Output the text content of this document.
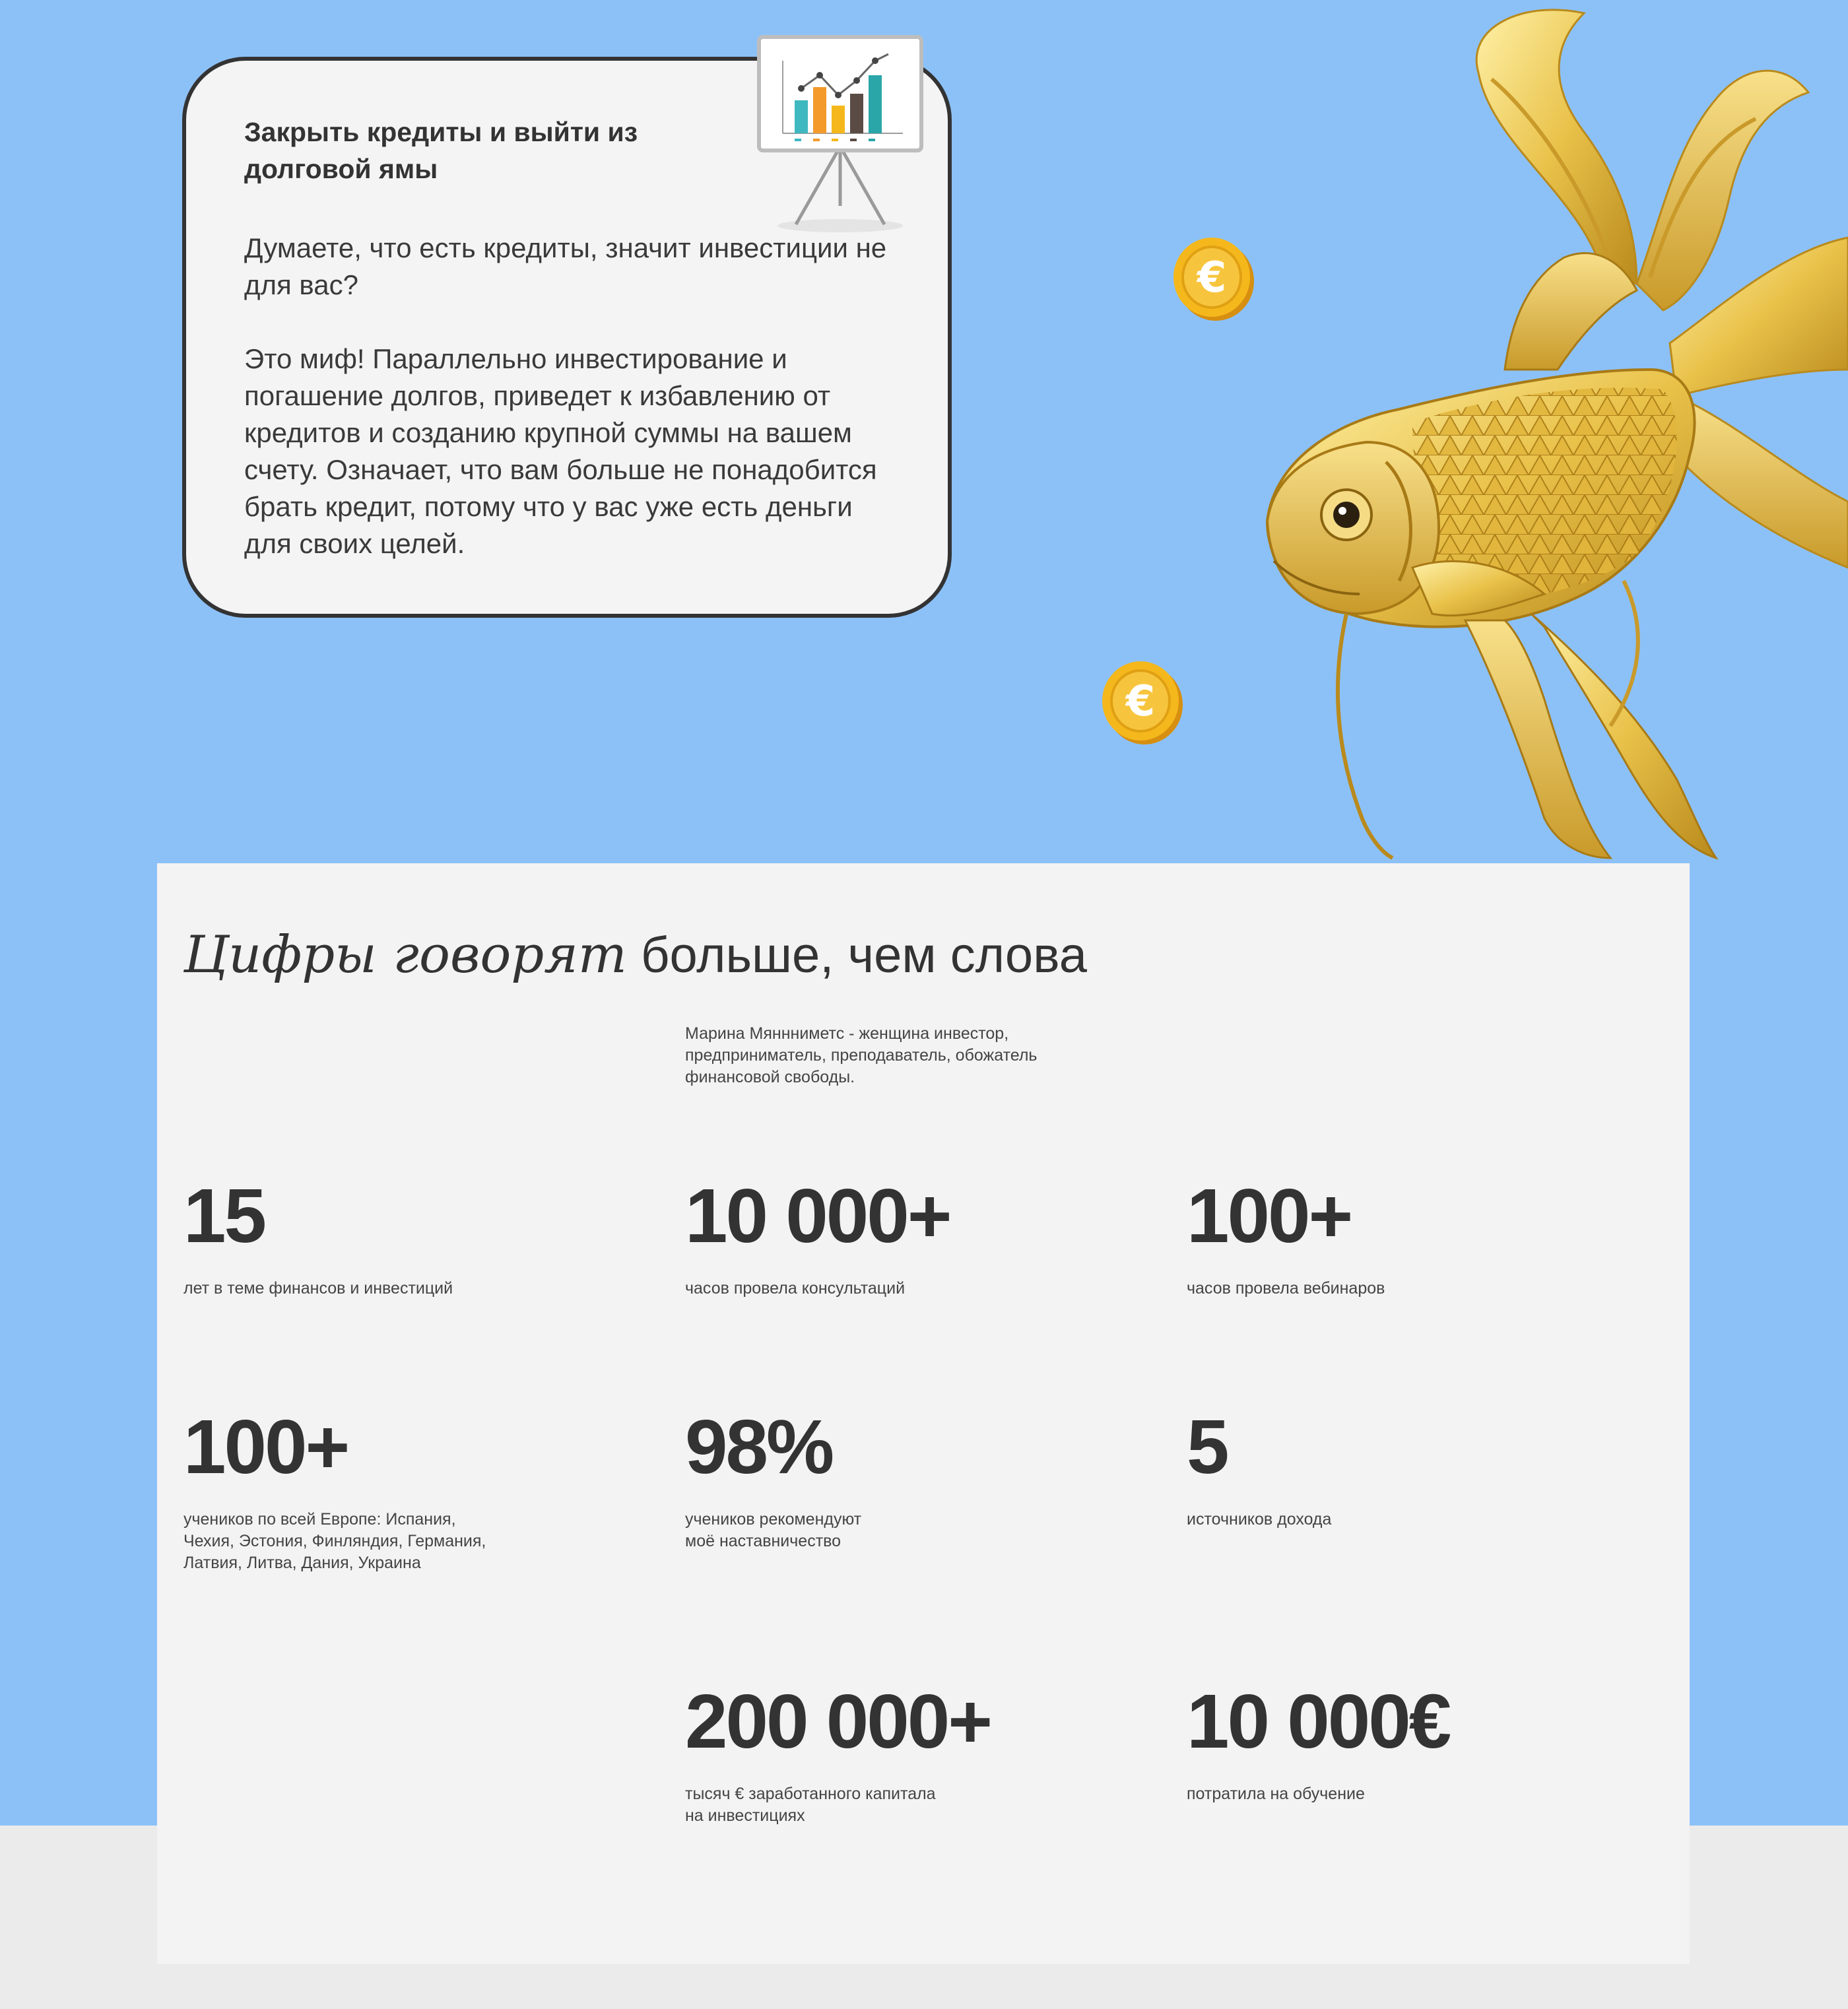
Закрыть кредиты и выйти из долговой ямы

Думаете, что есть кредиты, значит инвестиции не для вас?

Это миф! Параллельно инвестирование и погашение долгов, приведет к избавлению от кредитов и созданию крупной суммы на вашем счету. Означает, что вам больше не понадобится брать кредит, потому что у вас уже есть деньги для своих целей.

€
€
Цифры говорят больше, чем слова
Марина Мяннниметс - женщина инвестор, предприниматель, преподаватель, обожатель финансовой свободы.
15
лет в теме финансов и инвестиций
10 000+
часов провела консультаций
100+
часов провела вебинаров
100+
учеников по всей Европе: Испания,
Чехия, Эстония, Финляндия, Германия,
Латвия, Литва, Дания, Украина
98%
учеников рекомендуют
моё наставничество
5
источников дохода
200 000+
тысяч € заработанного капитала
на инвестициях
10 000€
потратила на обучение
